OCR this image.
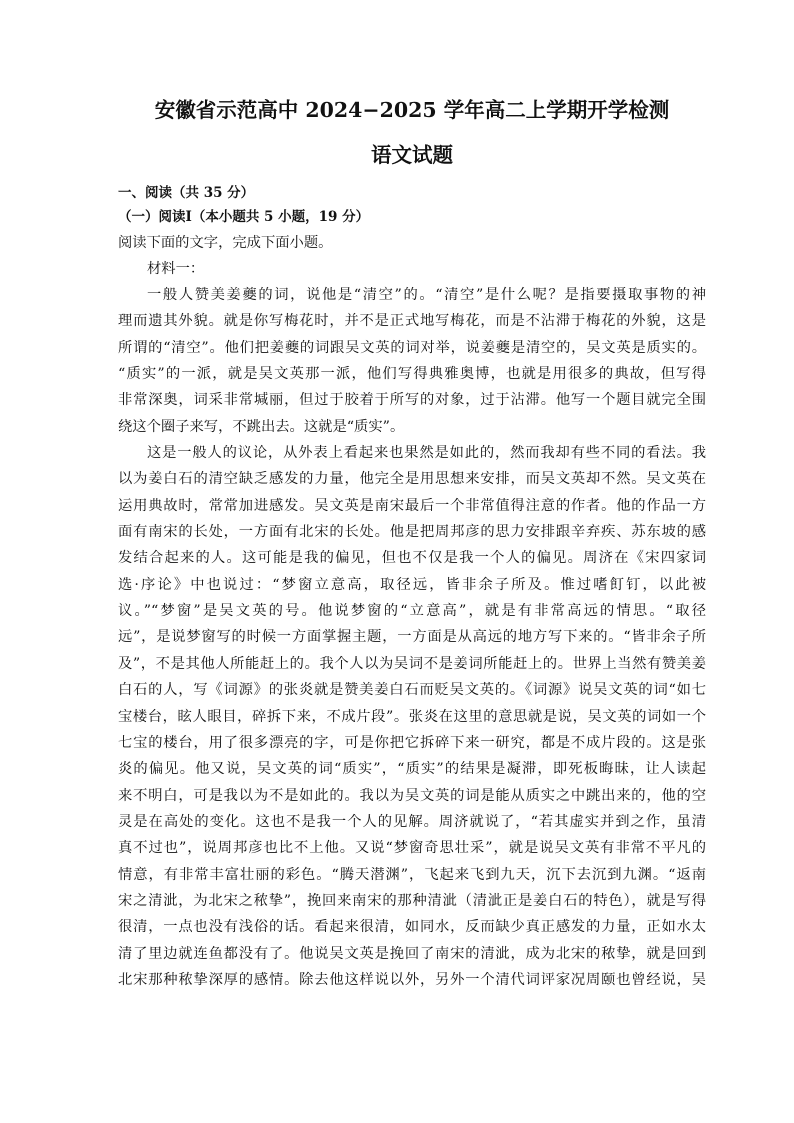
安徽省示范高中 2024−2025 学年高二上学期开学检测
语文试题

一、阅读（共 35 分）

（一）阅读Ⅰ（本小题共 5 小题，19 分）

阅读下面的文字，完成下面小题。

材料一：

一般人赞美姜夔的词，说他是“清空”的。“清空”是什么呢？是指要摄取事物的神
理而遗其外貌。就是你写梅花时，并不是正式地写梅花，而是不沾滞于梅花的外貌，这是
所谓的“清空”。他们把姜夔的词跟吴文英的词对举，说姜夔是清空的，吴文英是质实的。
“质实”的一派，就是吴文英那一派，他们写得典雅奥博，也就是用很多的典故，但写得
非常深奥，词采非常堿丽，但过于胶着于所写的对象，过于沾滞。他写一个题目就完全围
绕这个圈子来写，不跳出去。这就是“质实”。
这是一般人的议论，从外表上看起来也果然是如此的，然而我却有些不同的看法。我
以为姜白石的清空缺乏感发的力量，他完全是用思想来安排，而吴文英却不然。吴文英在
运用典故时，常常加进感发。吴文英是南宋最后一个非常值得注意的作者。他的作品一方
面有南宋的长处，一方面有北宋的长处。他是把周邦彦的思力安排跟辛弃疾、苏东坡的感
发结合起来的人。这可能是我的偏见，但也不仅是我一个人的偏见。周济在《宋四家词
选·序论》中也说过：“梦窗立意高，取径远，皆非余子所及。惟过嗜飣钉，以此被
议。”“梦窗”是吴文英的号。他说梦窗的“立意高”，就是有非常高远的情思。“取径
远”，是说梦窗写的时候一方面掌握主题，一方面是从高远的地方写下来的。“皆非余子所
及”，不是其他人所能赶上的。我个人以为吴词不是姜词所能赶上的。世界上当然有赞美姜
白石的人，写《词源》的张炎就是赞美姜白石而贬吴文英的。《词源》说吴文英的词“如七
宝楼台，眩人眼目，碎拆下来，不成片段”。张炎在这里的意思就是说，吴文英的词如一个
七宝的楼台，用了很多漂亮的字，可是你把它拆碎下来一研究，都是不成片段的。这是张
炎的偏见。他又说，吴文英的词“质实”，“质实”的结果是凝滞，即死板晦昧，让人读起
来不明白，可是我以为不是如此的。我以为吴文英的词是能从质实之中跳出来的，他的空
灵是在高处的变化。这也不是我一个人的见解。周济就说了，“若其虚实并到之作，虽清
真不过也”，说周邦彦也比不上他。又说“梦窗奇思壮采”，就是说吴文英有非常不平凡的
情意，有非常丰富壮丽的彩色。“腾天潜渊”，飞起来飞到九天，沉下去沉到九渊。“返南
宋之清泚，为北宋之秾挚”，挽回来南宋的那种清泚（清泚正是姜白石的特色），就是写得
很清，一点也没有浅俗的话。看起来很清，如同水，反而缺少真正感发的力量，正如水太
清了里边就连鱼都没有了。他说吴文英是挽回了南宋的清泚，成为北宋的秾挚，就是回到
北宋那种秾挚深厚的感情。除去他这样说以外，另外一个清代词评家况周颐也曾经说，吴
